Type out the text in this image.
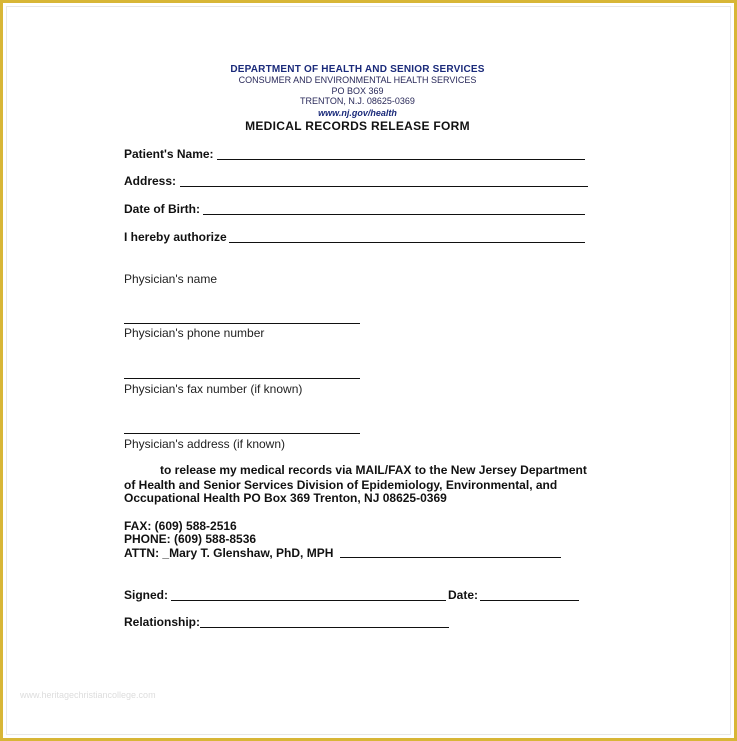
DEPARTMENT OF HEALTH AND SENIOR SERVICES
CONSUMER AND ENVIRONMENTAL HEALTH SERVICES
PO BOX 369
TRENTON, N.J. 08625-0369
www.nj.gov/health
MEDICAL RECORDS RELEASE FORM
Patient's Name:
Address:
Date of Birth:
I hereby authorize
Physician's name
Physician's phone number
Physician's fax number (if known)
Physician's address (if known)
to release my medical records via MAIL/FAX to the New Jersey Department
of Health and Senior Services Division of Epidemiology, Environmental, and
Occupational Health PO Box 369 Trenton, NJ 08625-0369
FAX: (609) 588-2516
PHONE: (609) 588-8536
ATTN: _Mary T. Glenshaw, PhD, MPH
Signed:	Date:
Relationship:
www.heritagechristiancollege.com
